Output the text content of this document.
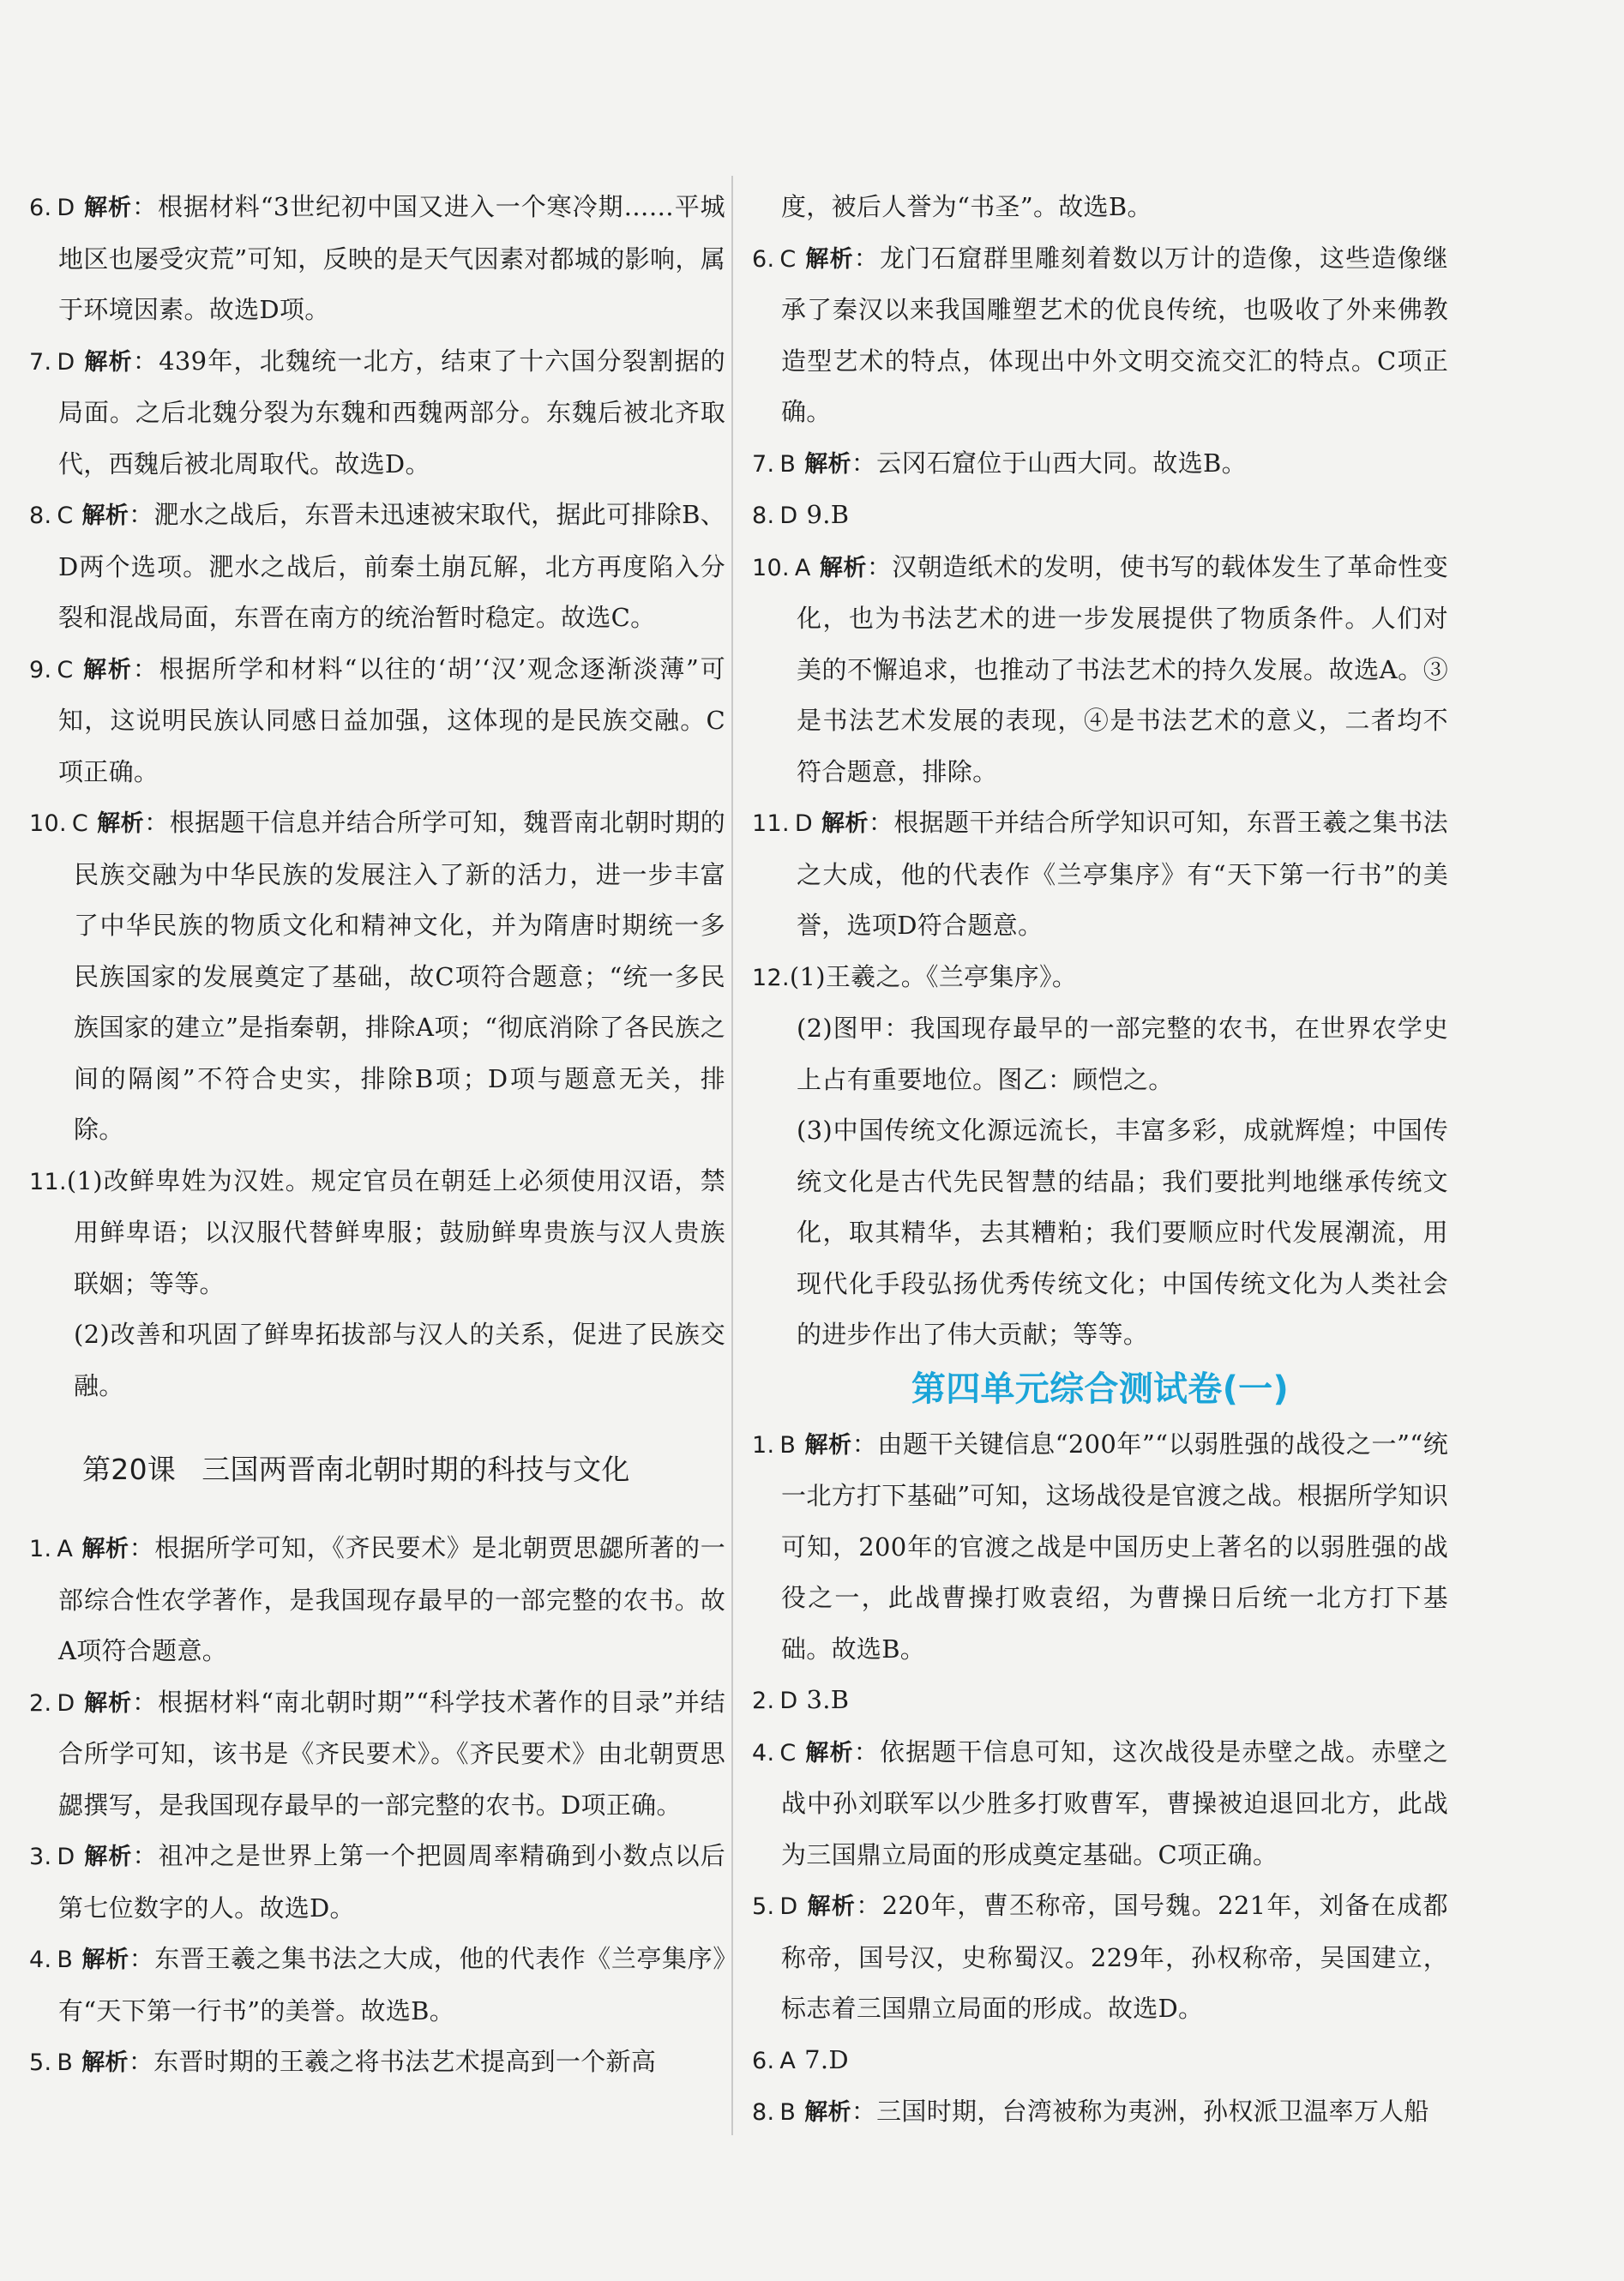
6. D 解析：根据材料“3世纪初中国又进入一个寒冷期……平城地区也屡受灾荒”可知，反映的是天气因素对都城的影响，属于环境因素。故选D项。
7. D 解析：439年，北魏统一北方，结束了十六国分裂割据的局面。之后北魏分裂为东魏和西魏两部分。东魏后被北齐取代，西魏后被北周取代。故选D。
8. C 解析：淝水之战后，东晋未迅速被宋取代，据此可排除B、D两个选项。淝水之战后，前秦土崩瓦解，北方再度陷入分裂和混战局面，东晋在南方的统治暂时稳定。故选C。
9. C 解析：根据所学和材料“以往的‘胡’‘汉’观念逐渐淡薄”可知，这说明民族认同感日益加强，这体现的是民族交融。C项正确。
10. C 解析：根据题干信息并结合所学可知，魏晋南北朝时期的民族交融为中华民族的发展注入了新的活力，进一步丰富了中华民族的物质文化和精神文化，并为隋唐时期统一多民族国家的发展奠定了基础，故C项符合题意；“统一多民族国家的建立”是指秦朝，排除A项；“彻底消除了各民族之间的隔阂”不符合史实，排除B项；D项与题意无关，排除。
11.(1)改鲜卑姓为汉姓。规定官员在朝廷上必须使用汉语，禁用鲜卑语；以汉服代替鲜卑服；鼓励鲜卑贵族与汉人贵族联姻；等等。
(2)改善和巩固了鲜卑拓拔部与汉人的关系，促进了民族交融。
第20课 三国两晋南北朝时期的科技与文化
1. A 解析：根据所学可知，《齐民要术》是北朝贾思勰所著的一部综合性农学著作，是我国现存最早的一部完整的农书。故A项符合题意。
2. D 解析：根据材料“南北朝时期”“科学技术著作的目录”并结合所学可知，该书是《齐民要术》。《齐民要术》由北朝贾思勰撰写，是我国现存最早的一部完整的农书。D项正确。
3. D 解析：祖冲之是世界上第一个把圆周率精确到小数点以后第七位数字的人。故选D。
4. B 解析：东晋王羲之集书法之大成，他的代表作《兰亭集序》有“天下第一行书”的美誉。故选B。
5. B 解析：东晋时期的王羲之将书法艺术提高到一个新高
度，被后人誉为“书圣”。故选B。
6. C 解析：龙门石窟群里雕刻着数以万计的造像，这些造像继承了秦汉以来我国雕塑艺术的优良传统，也吸收了外来佛教造型艺术的特点，体现出中外文明交流交汇的特点。C项正确。
7. B 解析：云冈石窟位于山西大同。故选B。
8. D 9.B
10. A 解析：汉朝造纸术的发明，使书写的载体发生了革命性变化，也为书法艺术的进一步发展提供了物质条件。人们对美的不懈追求，也推动了书法艺术的持久发展。故选A。③是书法艺术发展的表现，④是书法艺术的意义，二者均不符合题意，排除。
11. D 解析：根据题干并结合所学知识可知，东晋王羲之集书法之大成，他的代表作《兰亭集序》有“天下第一行书”的美誉，选项D符合题意。
12.(1)王羲之。《兰亭集序》。
(2)图甲：我国现存最早的一部完整的农书，在世界农学史上占有重要地位。图乙：顾恺之。
(3)中国传统文化源远流长，丰富多彩，成就辉煌；中国传统文化是古代先民智慧的结晶；我们要批判地继承传统文化，取其精华，去其糟粕；我们要顺应时代发展潮流，用现代化手段弘扬优秀传统文化；中国传统文化为人类社会的进步作出了伟大贡献；等等。
第四单元综合测试卷(一)
1. B 解析：由题干关键信息“200年”“以弱胜强的战役之一”“统一北方打下基础”可知，这场战役是官渡之战。根据所学知识可知，200年的官渡之战是中国历史上著名的以弱胜强的战役之一，此战曹操打败袁绍，为曹操日后统一北方打下基础。故选B。
2. D 3.B
4. C 解析：依据题干信息可知，这次战役是赤壁之战。赤壁之战中孙刘联军以少胜多打败曹军，曹操被迫退回北方，此战为三国鼎立局面的形成奠定基础。C项正确。
5. D 解析：220年，曹丕称帝，国号魏。221年，刘备在成都称帝，国号汉，史称蜀汉。229年，孙权称帝，吴国建立，标志着三国鼎立局面的形成。故选D。
6. A 7.D
8. B 解析：三国时期，台湾被称为夷洲，孙权派卫温率万人船
